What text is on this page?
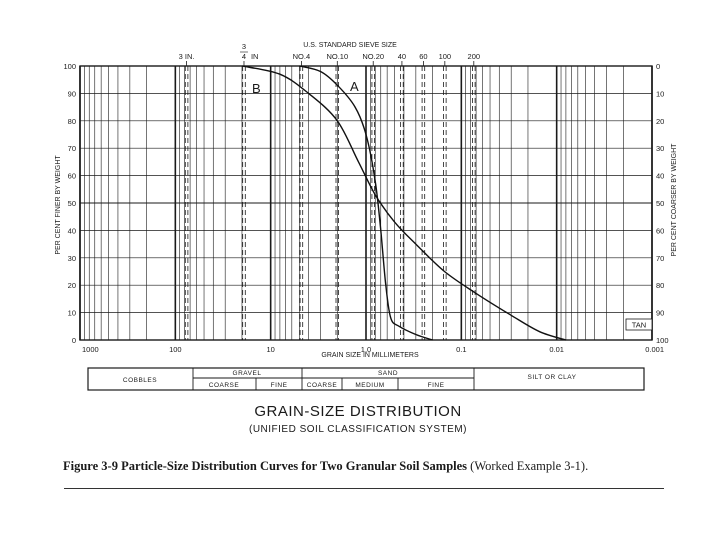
3 IN.
3
4 IN	NO.4 NO.10 NO.20 40 60 100 200
1000	100	10	1.0	0.1	0.01	0.001
0
10
20
30
40
50
60
70
80
90
100
100
90
80
70
60
50
40
30
20
10
0
U.S. STANDARD SIEVE SIZE
GRAIN SIZE IN MILLIMETERS
PER CENT FINER BY WEIGHT	PER CENT COARSER BY WEIGHT
B	A
TAN
COBBLES
GRAVEL
COARSE	FINE
SAND
COARSE	MEDIUM	FINE
SILT OR CLAY
GRAIN-SIZE DISTRIBUTION
(UNIFIED SOIL CLASSIFICATION SYSTEM)
Figure 3-9 Particle-Size Distribution Curves for Two Granular Soil Samples (Worked Example 3-1).
